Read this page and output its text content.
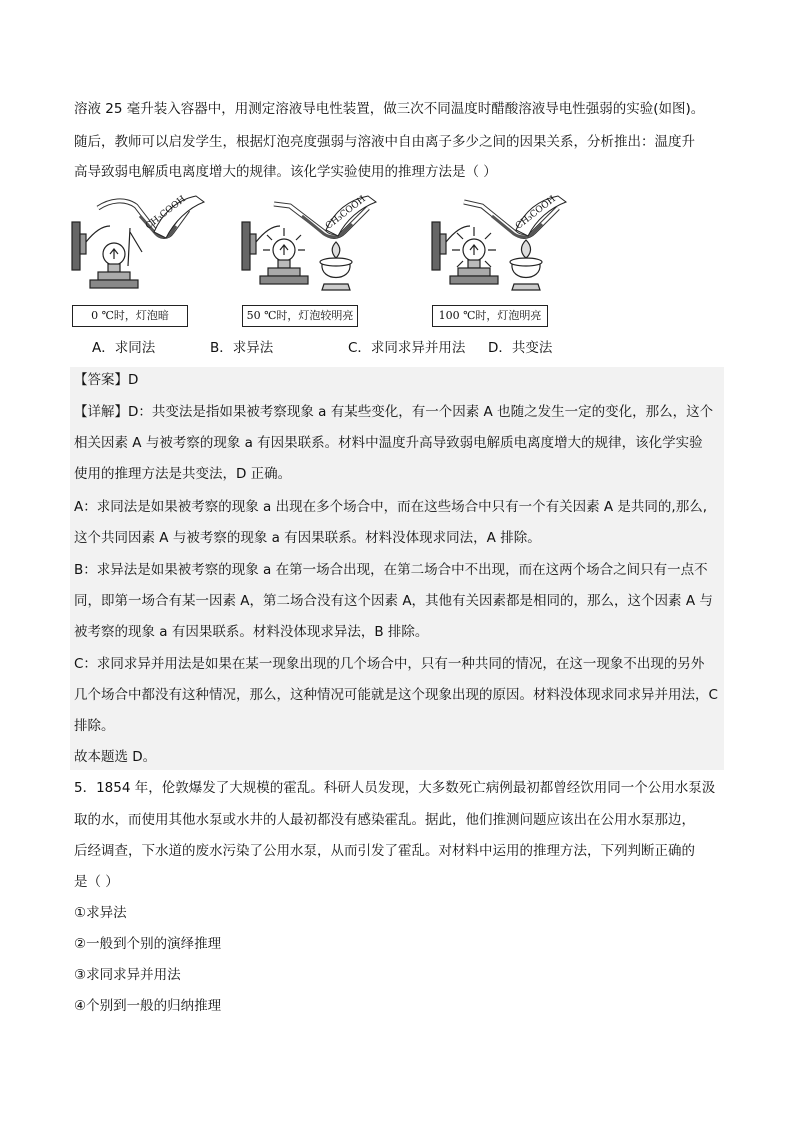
溶液 25 毫升装入容器中，用测定溶液导电性装置，做三次不同温度时醋酸溶液导电性强弱的实验(如图)。
随后，教师可以启发学生，根据灯泡亮度强弱与溶液中自由离子多少之间的因果关系，分析推出：温度升
高导致弱电解质电离度增大的规律。该化学实验使用的推理方法是（ ）
0 ℃时，灯泡暗	50 ℃时，灯泡较明亮	100 ℃时，灯泡明亮
CH₃COOH	CH₃COOH	CH₃COOH
A．求同法	B．求异法	C．求同求异并用法 D．共变法
【答案】D
【详解】D：共变法是指如果被考察现象 a 有某些变化，有一个因素 A 也随之发生一定的变化，那么，这个
相关因素 A 与被考察的现象 a 有因果联系。材料中温度升高导致弱电解质电离度增大的规律，该化学实验
使用的推理方法是共变法，D 正确。
A：求同法是如果被考察的现象 a 出现在多个场合中，而在这些场合中只有一个有关因素 A 是共同的,那么,
这个共同因素 A 与被考察的现象 a 有因果联系。材料没体现求同法，A 排除。
B：求异法是如果被考察的现象 a 在第一场合出现，在第二场合中不出现，而在这两个场合之间只有一点不
同，即第一场合有某一因素 A，第二场合没有这个因素 A，其他有关因素都是相同的，那么，这个因素 A 与
被考察的现象 a 有因果联系。材料没体现求异法，B 排除。
C：求同求异并用法是如果在某一现象出现的几个场合中，只有一种共同的情况，在这一现象不出现的另外
几个场合中都没有这种情况，那么，这种情况可能就是这个现象出现的原因。材料没体现求同求异并用法，C
排除。
故本题选 D。
5．1854 年，伦敦爆发了大规模的霍乱。科研人员发现，大多数死亡病例最初都曾经饮用同一个公用水泵汲
取的水，而使用其他水泵或水井的人最初都没有感染霍乱。据此，他们推测问题应该出在公用水泵那边，
后经调查，下水道的废水污染了公用水泵，从而引发了霍乱。对材料中运用的推理方法，下列判断正确的
是（ ）
①求异法
②一般到个别的演绎推理
③求同求异并用法
④个别到一般的归纳推理
